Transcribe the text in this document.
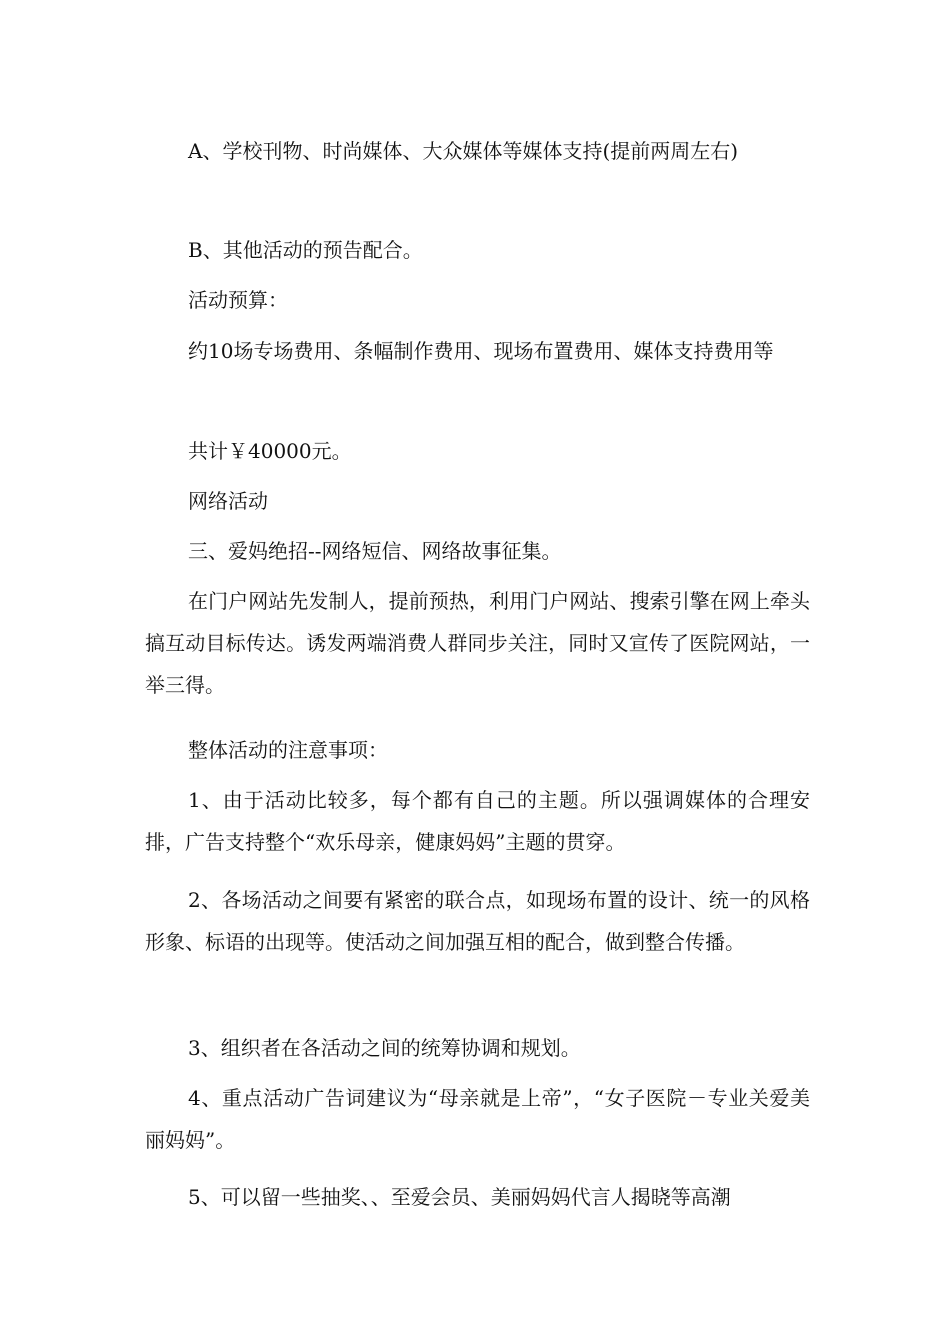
A、学校刊物、时尚媒体、大众媒体等媒体支持(提前两周左右)

B、其他活动的预告配合。

活动预算：

约10场专场费用、条幅制作费用、现场布置费用、媒体支持费用等

共计￥40000元。

网络活动

三、爱妈绝招--网络短信、网络故事征集。

在门户网站先发制人，提前预热，利用门户网站、搜索引擎在网上牵头搞互动目标传达。诱发两端消费人群同步关注，同时又宣传了医院网站，一举三得。

整体活动的注意事项：

1、由于活动比较多，每个都有自己的主题。所以强调媒体的合理安排，广告支持整个“欢乐母亲，健康妈妈”主题的贯穿。

2、各场活动之间要有紧密的联合点，如现场布置的设计、统一的风格形象、标语的出现等。使活动之间加强互相的配合，做到整合传播。

3、组织者在各活动之间的统筹协调和规划。

4、重点活动广告词建议为“母亲就是上帝”，“女子医院－专业关爱美丽妈妈”。

5、可以留一些抽奖、、至爱会员、美丽妈妈代言人揭晓等高潮
